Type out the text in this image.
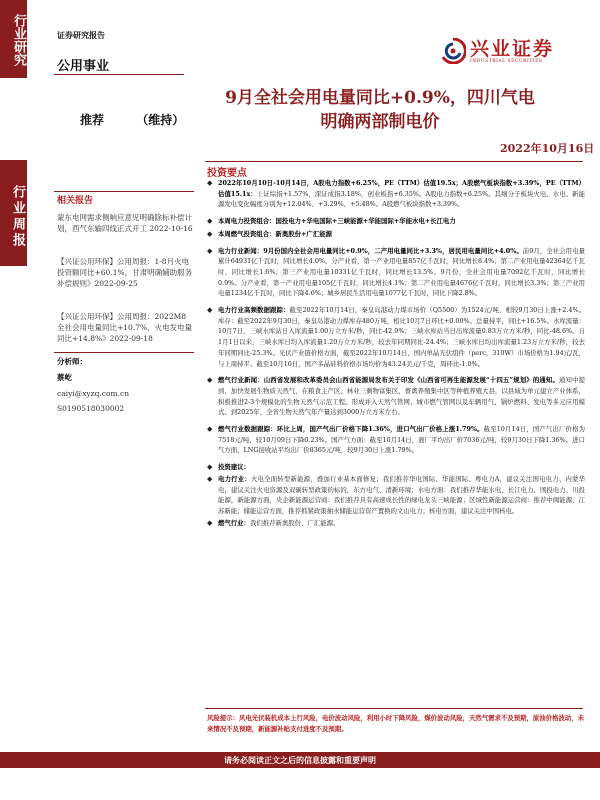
行业研究
行业周报
证券研究报告
公用事业
兴业证券
INDUSTRIAL SECURITIES
推荐	（维持）
9月全社会用电量同比+0.9%，四川气电
明确两部制电价
2022年10月16日
投资要点
相关报告
蒙东电网需求侧响应意见明确除标补偿计划，西气东输四线正式开工 2022-10-16
【兴证公用环保】公用周报：1-8月火电投资额同比+60.1%，甘肃明确辅助服务补偿规则》2022-09-25
【兴证公用环保】公用周报：2022M8全社会用电量同比+10.7%，火电发电量同比+14.8%》2022-09-18
分析师：
蔡屹
caiyi@xyzq.com.cn
S0190518030002
◆ 2022年10月10日-10月14日，A股电力指数+6.25%，PE（TTM）估值19.5x；A股燃气板块指数+3.39%，PE（TTM）估值15.1x：上证综指+1.57%，深证成指3.18%，创业板指+6.35%。A股电力指数+6.25%。其细分子板块火电、水电、新能源发电变化幅度分别为+12.04%、+3.29%、+5.48%。A股燃气板块指数+3.39%。
◆ 本周电力投资组合：国投电力+华电国际+三峡能源+华能国际+华能水电+长江电力
◆ 本周燃气投资组合：新奥股份+广汇能源
◆ 电力行业新闻：9月份国内全社会用电量同比+0.9%，二产用电量同比+3.3%，居民用电量同比+4.0%。前9月，全社会用电量累计64931亿千瓦时，同比增长4.0%。分产业看，第一产业用电量857亿千瓦时，同比增长8.4%；第二产业用电量42364亿千瓦时，同比增长1.6%；第三产业用电量10331亿千瓦时，同比增长13.5%。9月份，全社会用电量7092亿千瓦时，同比增长0.9%。分产业看，第一产业用电量105亿千瓦时，同比增长4.1%；第二产业用电量4676亿千瓦时，同比增长3.3%；第三产业用电量1234亿千瓦时，同比下降4.6%；城乡居民生活用电量1077亿千瓦时，同比下降2.8%。
◆ 电力行业高频数据跟踪：截至2022年10月14日，秦皇岛港动力煤市场价（Q5500）为1524元/吨，相较9月30日上涨+2.4%。库存：截至2022年9月30日，秦皇岛港动力煤库存480万吨，相比10月7日环比+0.00%。总量持平，同比+16.5%。水库流量：10月7日，三峡水库站日入库流量1.00万立方米/秒，同比-42.9%；三峡水库站当日出库流量0.83万立方米/秒，同比-48.6%。自1月1日以来，三峡水库日均入库流量1.20万立方米/秒，较去年同期同比-24.4%；三峡水库日均出库流量1.23万立方米/秒，较去年同期同比-25.3%。光伏产业链价格方面，截至2022年10月14日，国内单晶光伏组件（perc，310W）市场价格为1.94元/瓦，与上周持平。截至10月10日，国产多晶硅料价格市场均价为43.24美元/千克，周环比-1.0%。
◆ 燃气行业新闻：山西省发展和改革委员会山西省能源局发布关于印发《山西省可再生能源发展“十四五”规划》的通知。通知中提到，加快发展生物质天然气，在粮食主产区、林业三剩物富集区、畜禽养殖集中区等种植养殖大县，以县域为单元建立产业体系，积极推进2-3个规模化的生物天然气示范工程。形成并入天然气管网、城市燃气管网以及车辆用气、锅炉燃料、发电等多元应用模式。到2025年，全省生物天然气年产量达到3000万立方米左右。
◆ 燃气行业数据跟踪：环比上周，国产气出厂价格下降1.36%，进口气出厂价格上涨1.79%。截至10月14日，国产气出厂价格为7518元/吨，较10月09日下降0.23%。国产气方面：截至10月14日，液厂平均出厂价7036元/吨，较9月30日下降1.36%。进口气方面，LNG接收站平均出厂价8365元/吨，较9月30日上涨1.79%。
◆ 投资建议：
◆ 电力行业：火电全面转型新能源，叠加行业基本面修复；我们推荐华电国际、华能国际、粤电力A，建议关注国电电力、内蒙华电，建议关注火电资源及双碳转型政策的标的，东方电气、清新环境；水电方面：我们推荐华能水电、长江电力、国投电力、川投能源，新能源方面，央企新能源运营商：我们推荐具有高速成长性的绿电龙头三峡能源；区域性新能源运营商：推荐中闽能源、江苏新能；储能运营方面，推荐抓紧政策抽水储能运营资产置换的文山电力；核电方面，建议关注中国核电。
◆ 燃气行业：我们推荐新奥股份、广汇能源。
风险提示：风电光伏装机成本上行风险，电价波动风险，利用小时下降风险，煤价波动风险，天然气需求不及预期，原油价格波动，未来情况不及预期，新能源补贴支付进度不及预期。
请务必阅读正文之后的信息披露和重要声明
